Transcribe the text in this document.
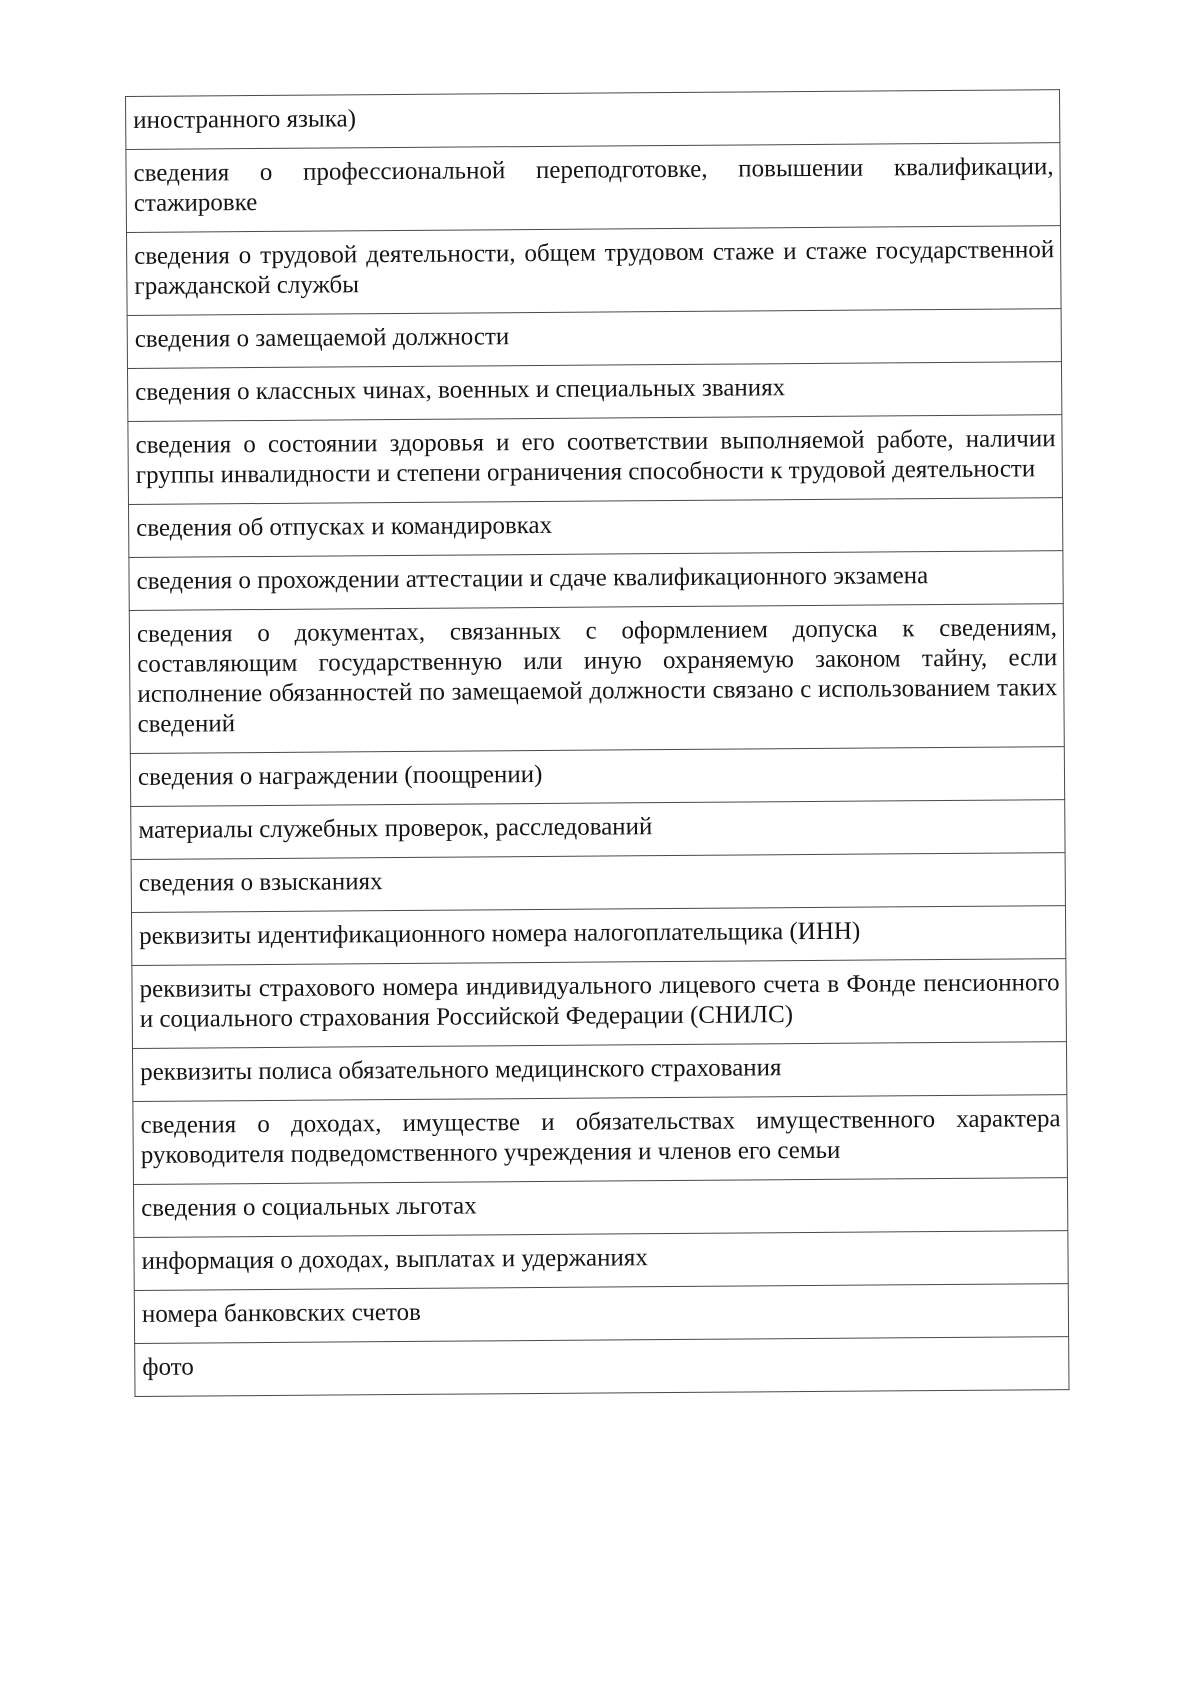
иностранного языка)
сведения о профессиональной переподготовке, повышении квалификации, стажировке
сведения о трудовой деятельности, общем трудовом стаже и стаже государственной гражданской службы
сведения о замещаемой должности
сведения о классных чинах, военных и специальных званиях
сведения о состоянии здоровья и его соответствии выполняемой работе, наличии группы инвалидности и степени ограничения способности к трудовой деятельности
сведения об отпусках и командировках
сведения о прохождении аттестации и сдаче квалификационного экзамена
сведения о документах, связанных с оформлением допуска к сведениям, составляющим государственную или иную охраняемую законом тайну, если исполнение обязанностей по замещаемой должности связано с использованием таких сведений
сведения о награждении (поощрении)
материалы служебных проверок, расследований
сведения о взысканиях
реквизиты идентификационного номера налогоплательщика (ИНН)
реквизиты страхового номера индивидуального лицевого счета в Фонде пенсионного и социального страхования Российской Федерации (СНИЛС)
реквизиты полиса обязательного медицинского страхования
сведения о доходах, имуществе и обязательствах имущественного характера руководителя подведомственного учреждения и членов его семьи
сведения о социальных льготах
информация о доходах, выплатах и удержаниях
номера банковских счетов
фото
